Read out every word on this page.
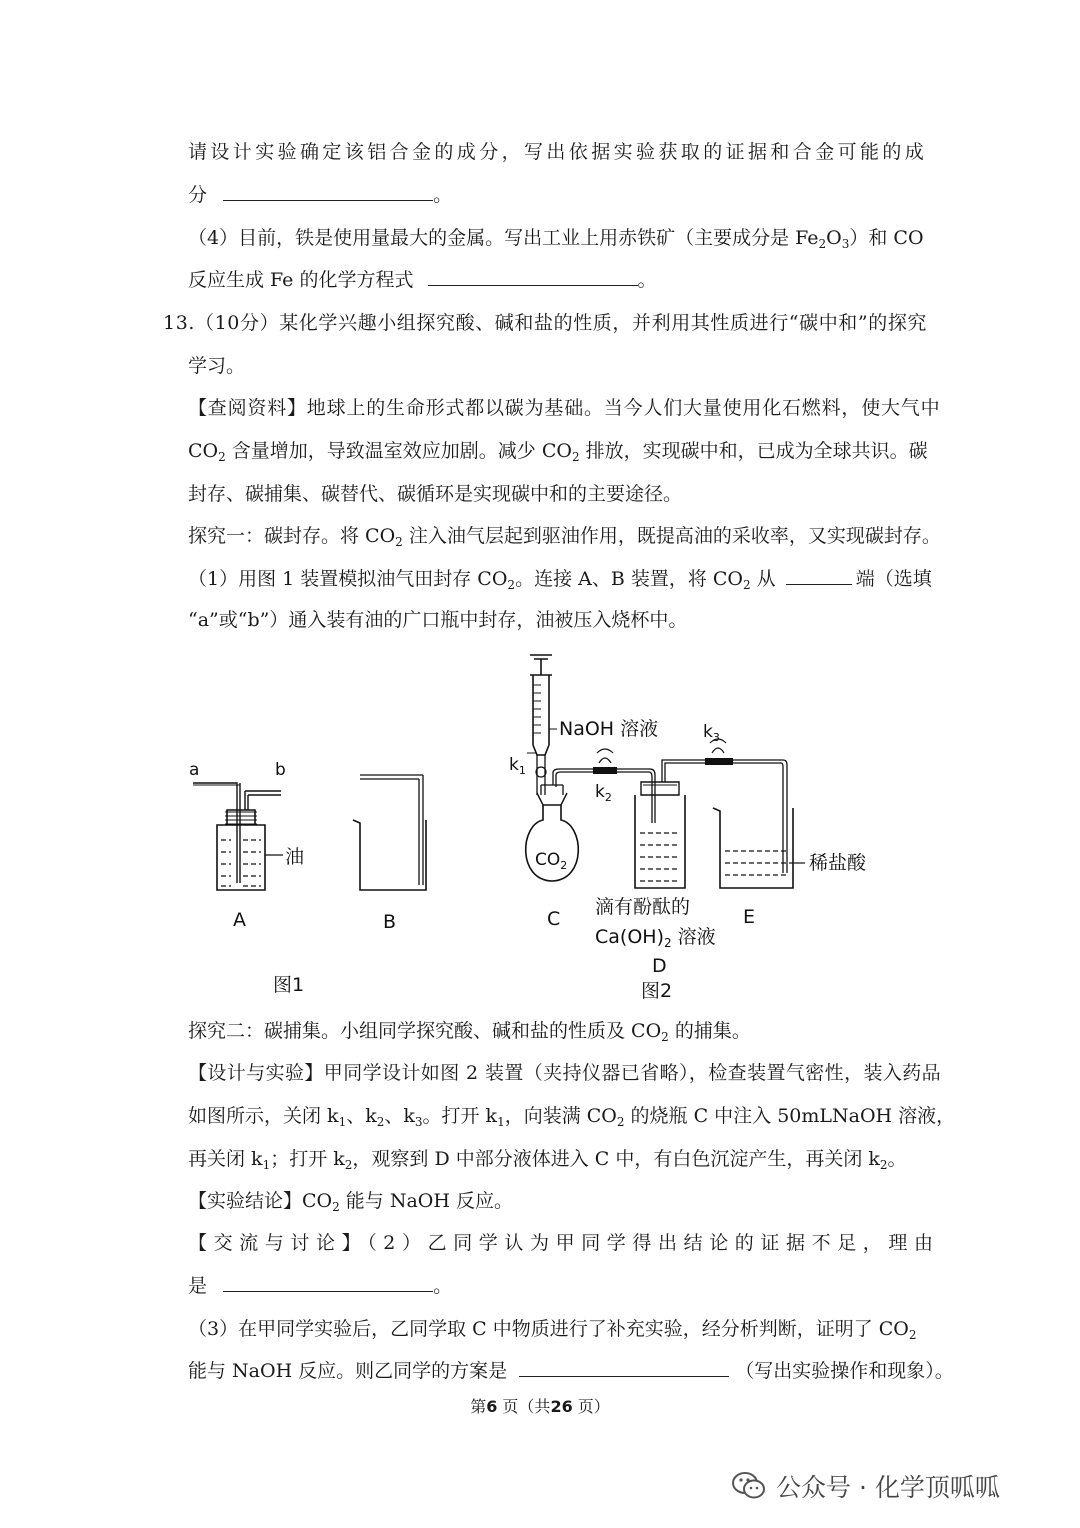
请设计实验确定该铝合金的成分，写出依据实验获取的证据和合金可能的成
分	。
（4）目前，铁是使用量最大的金属。写出工业上用赤铁矿（主要成分是 $Fe_2O_3$）和 CO
反应生成 Fe 的化学方程式	。
13.（10分）某化学兴趣小组探究酸、碱和盐的性质，并利用其性质进行“碳中和”的探究
学习。
【查阅资料】地球上的生命形式都以碳为基础。当今人们大量使用化石燃料，使大气中
$CO_2$ 含量增加，导致温室效应加剧。减少 $CO_2$ 排放，实现碳中和，已成为全球共识。碳
封存、碳捕集、碳替代、碳循环是实现碳中和的主要途径。
探究一：碳封存。将 $CO_2$ 注入油气层起到驱油作用，既提高油的采收率，又实现碳封存。
（1）用图 1 装置模拟油气田封存 $CO_2$。连接 A、B 装置，将 $CO_2$ 从	端（选填
“a”或“b”）通入装有油的广口瓶中封存，油被压入烧杯中。
a	b
油
A	B
图1
NaOH 溶液
$k_1$
$k_2$
$k_3$
$CO_2$
C
滴有酚酞的
$Ca(OH)_2$ 溶液
D
E
稀盐酸
图2
探究二：碳捕集。小组同学探究酸、碱和盐的性质及 $CO_2$ 的捕集。
【设计与实验】甲同学设计如图 2 装置（夹持仪器已省略），检查装置气密性，装入药品
如图所示，关闭 $k_1$、$k_2$、$k_3$。打开 $k_1$，向装满 $CO_2$ 的烧瓶 C 中注入 50mLNaOH 溶液，
再关闭 $k_1$；打开 $k_2$，观察到 D 中部分液体进入 C 中，有白色沉淀产生，再关闭 $k_2$。
【实验结论】$CO_2$ 能与 NaOH 反应。
【交流与讨论】（2）乙同学认为甲同学得出结论的证据不足，理由
是	。
（3）在甲同学实验后，乙同学取 C 中物质进行了补充实验，经分析判断，证明了 $CO_2$
能与 NaOH 反应。则乙同学的方案是	（写出实验操作和现象）。
第6 页（共26 页）
公众号 · 化学顶呱呱
